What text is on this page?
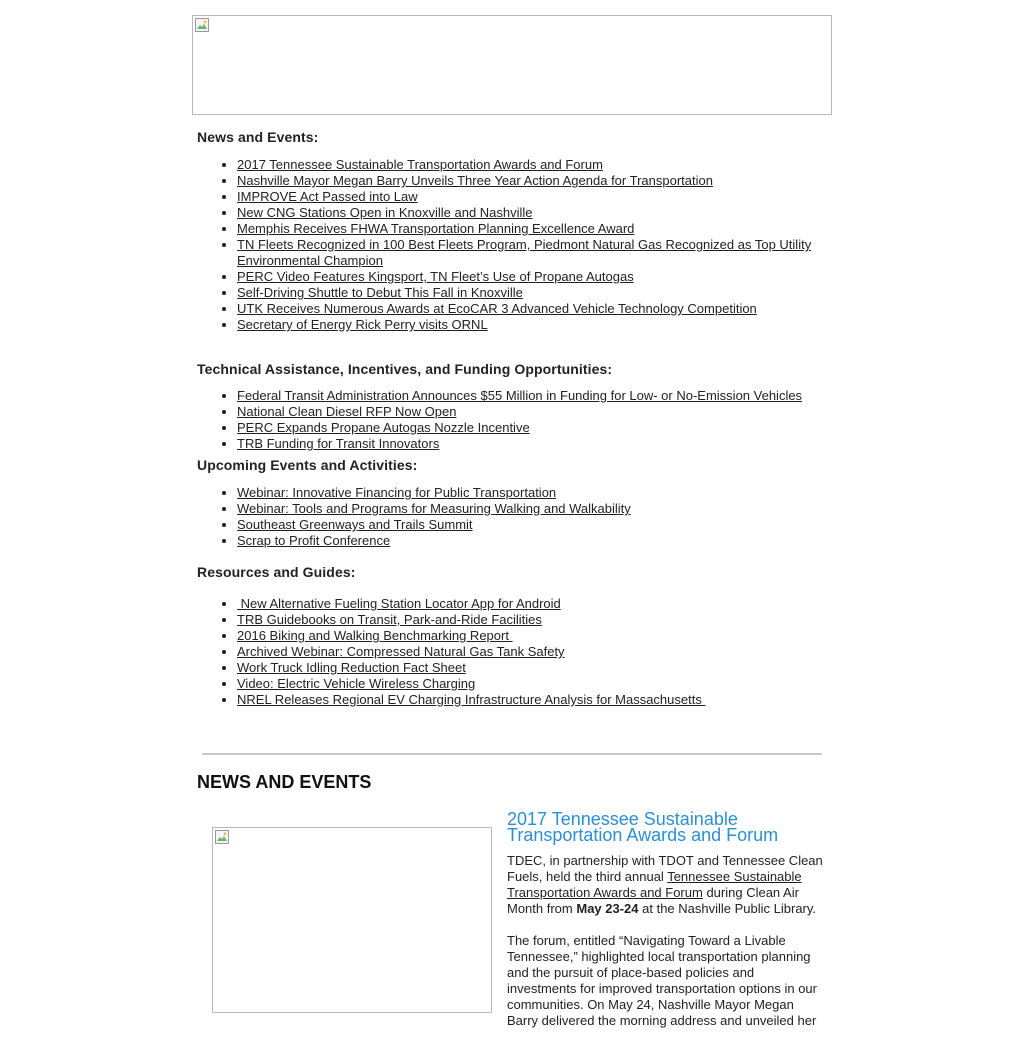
News and Events:
• 2017 Tennessee Sustainable Transportation Awards and Forum
• Nashville Mayor Megan Barry Unveils Three Year Action Agenda for Transportation
• IMPROVE Act Passed into Law
• New CNG Stations Open in Knoxville and Nashville
• Memphis Receives FHWA Transportation Planning Excellence Award
• TN Fleets Recognized in 100 Best Fleets Program, Piedmont Natural Gas Recognized as Top Utility Environmental Champion
• PERC Video Features Kingsport, TN Fleet’s Use of Propane Autogas
• Self-Driving Shuttle to Debut This Fall in Knoxville
• UTK Receives Numerous Awards at EcoCAR 3 Advanced Vehicle Technology Competition
• Secretary of Energy Rick Perry visits ORNL
Technical Assistance, Incentives, and Funding Opportunities:
• Federal Transit Administration Announces $55 Million in Funding for Low- or No-Emission Vehicles
• National Clean Diesel RFP Now Open
• PERC Expands Propane Autogas Nozzle Incentive
• TRB Funding for Transit Innovators
Upcoming Events and Activities:
• Webinar: Innovative Financing for Public Transportation
• Webinar: Tools and Programs for Measuring Walking and Walkability
• Southeast Greenways and Trails Summit
• Scrap to Profit Conference
Resources and Guides:
•  New Alternative Fueling Station Locator App for Android
• TRB Guidebooks on Transit, Park-and-Ride Facilities
• 2016 Biking and Walking Benchmarking Report
• Archived Webinar: Compressed Natural Gas Tank Safety
• Work Truck Idling Reduction Fact Sheet
• Video: Electric Vehicle Wireless Charging
• NREL Releases Regional EV Charging Infrastructure Analysis for Massachusetts
NEWS AND EVENTS
2017 Tennessee Sustainable Transportation Awards and Forum

TDEC, in partnership with TDOT and Tennessee Clean Fuels, held the third annual Tennessee Sustainable Transportation Awards and Forum during Clean Air Month from May 23-24 at the Nashville Public Library.

The forum, entitled “Navigating Toward a Livable Tennessee,” highlighted local transportation planning and the pursuit of place-based policies and investments for improved transportation options in our communities. On May 24, Nashville Mayor Megan Barry delivered the morning address and unveiled her
